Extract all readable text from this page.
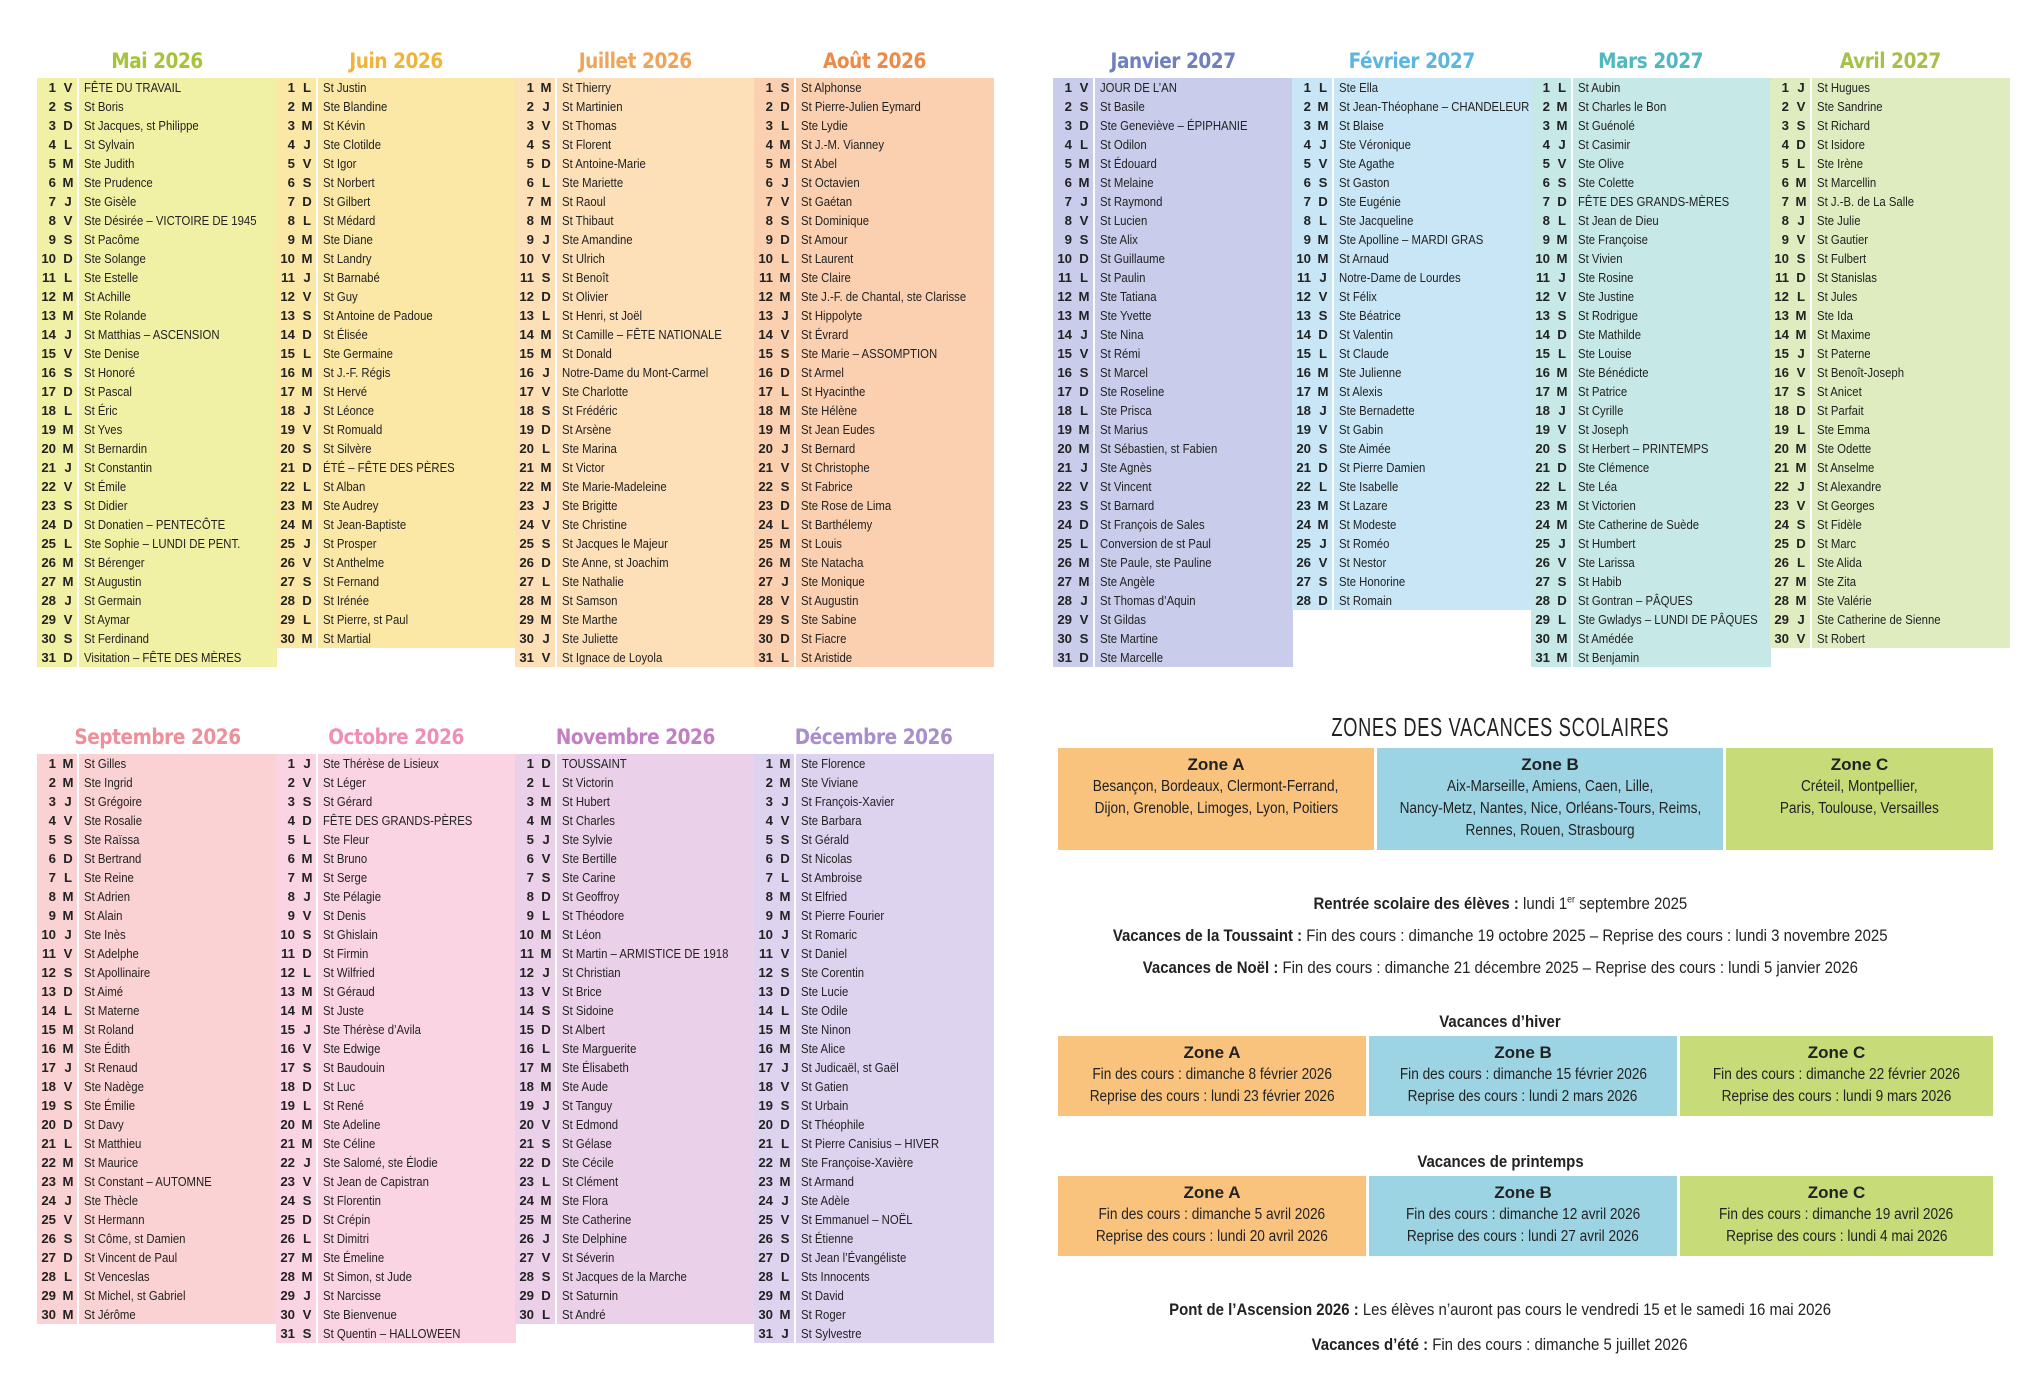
Mai 2026
1 V FÊTE DU TRAVAIL
2 S St Boris
3 D St Jacques, st Philippe
4 L St Sylvain
5 M Ste Judith
6 M Ste Prudence
7 J Ste Gisèle
8 V Ste Désirée – VICTOIRE DE 1945
9 S St Pacôme
10 D Ste Solange
11 L Ste Estelle
12 M St Achille
13 M Ste Rolande
14 J St Matthias – ASCENSION
15 V Ste Denise
16 S St Honoré
17 D St Pascal
18 L St Éric
19 M St Yves
20 M St Bernardin
21 J St Constantin
22 V St Émile
23 S St Didier
24 D St Donatien – PENTECÔTE
25 L Ste Sophie – LUNDI DE PENT.
26 M St Bérenger
27 M St Augustin
28 J St Germain
29 V St Aymar
30 S St Ferdinand
31 D Visitation – FÊTE DES MÈRES
Juin 2026
1 L St Justin
2 M Ste Blandine
3 M St Kévin
4 J Ste Clotilde
5 V St Igor
6 S St Norbert
7 D St Gilbert
8 L St Médard
9 M Ste Diane
10 M St Landry
11 J St Barnabé
12 V St Guy
13 S St Antoine de Padoue
14 D St Élisée
15 L Ste Germaine
16 M St J.-F. Régis
17 M St Hervé
18 J St Léonce
19 V St Romuald
20 S St Silvère
21 D ÉTÉ – FÊTE DES PÈRES
22 L St Alban
23 M Ste Audrey
24 M St Jean-Baptiste
25 J St Prosper
26 V St Anthelme
27 S St Fernand
28 D St Irénée
29 L St Pierre, st Paul
30 M St Martial
Juillet 2026
1 M St Thierry
2 J St Martinien
3 V St Thomas
4 S St Florent
5 D St Antoine-Marie
6 L Ste Mariette
7 M St Raoul
8 M St Thibaut
9 J Ste Amandine
10 V St Ulrich
11 S St Benoît
12 D St Olivier
13 L St Henri, st Joël
14 M St Camille – FÊTE NATIONALE
15 M St Donald
16 J Notre-Dame du Mont-Carmel
17 V Ste Charlotte
18 S St Frédéric
19 D St Arsène
20 L Ste Marina
21 M St Victor
22 M Ste Marie-Madeleine
23 J Ste Brigitte
24 V Ste Christine
25 S St Jacques le Majeur
26 D Ste Anne, st Joachim
27 L Ste Nathalie
28 M St Samson
29 M Ste Marthe
30 J Ste Juliette
31 V St Ignace de Loyola
Août 2026
1 S St Alphonse
2 D St Pierre-Julien Eymard
3 L Ste Lydie
4 M St J.-M. Vianney
5 M St Abel
6 J St Octavien
7 V St Gaétan
8 S St Dominique
9 D St Amour
10 L St Laurent
11 M Ste Claire
12 M Ste J.-F. de Chantal, ste Clarisse
13 J St Hippolyte
14 V St Évrard
15 S Ste Marie – ASSOMPTION
16 D St Armel
17 L St Hyacinthe
18 M Ste Hélène
19 M St Jean Eudes
20 J St Bernard
21 V St Christophe
22 S St Fabrice
23 D Ste Rose de Lima
24 L St Barthélemy
25 M St Louis
26 M Ste Natacha
27 J Ste Monique
28 V St Augustin
29 S Ste Sabine
30 D St Fiacre
31 L St Aristide
Janvier 2027
1 V JOUR DE L’AN
2 S St Basile
3 D Ste Geneviève – ÉPIPHANIE
4 L St Odilon
5 M St Édouard
6 M St Melaine
7 J St Raymond
8 V St Lucien
9 S Ste Alix
10 D St Guillaume
11 L St Paulin
12 M Ste Tatiana
13 M Ste Yvette
14 J Ste Nina
15 V St Rémi
16 S St Marcel
17 D Ste Roseline
18 L Ste Prisca
19 M St Marius
20 M St Sébastien, st Fabien
21 J Ste Agnès
22 V St Vincent
23 S St Barnard
24 D St François de Sales
25 L Conversion de st Paul
26 M Ste Paule, ste Pauline
27 M Ste Angèle
28 J St Thomas d’Aquin
29 V St Gildas
30 S Ste Martine
31 D Ste Marcelle
Février 2027
1 L Ste Ella
2 M St Jean-Théophane – CHANDELEUR
3 M St Blaise
4 J Ste Véronique
5 V Ste Agathe
6 S St Gaston
7 D Ste Eugénie
8 L Ste Jacqueline
9 M Ste Apolline – MARDI GRAS
10 M St Arnaud
11 J Notre-Dame de Lourdes
12 V St Félix
13 S Ste Béatrice
14 D St Valentin
15 L St Claude
16 M Ste Julienne
17 M St Alexis
18 J Ste Bernadette
19 V St Gabin
20 S Ste Aimée
21 D St Pierre Damien
22 L Ste Isabelle
23 M St Lazare
24 M St Modeste
25 J St Roméo
26 V St Nestor
27 S Ste Honorine
28 D St Romain
Mars 2027
1 L St Aubin
2 M St Charles le Bon
3 M St Guénolé
4 J St Casimir
5 V Ste Olive
6 S Ste Colette
7 D FÊTE DES GRANDS-MÈRES
8 L St Jean de Dieu
9 M Ste Françoise
10 M St Vivien
11 J Ste Rosine
12 V Ste Justine
13 S St Rodrigue
14 D Ste Mathilde
15 L Ste Louise
16 M Ste Bénédicte
17 M St Patrice
18 J St Cyrille
19 V St Joseph
20 S St Herbert – PRINTEMPS
21 D Ste Clémence
22 L Ste Léa
23 M St Victorien
24 M Ste Catherine de Suède
25 J St Humbert
26 V Ste Larissa
27 S St Habib
28 D St Gontran – PÂQUES
29 L Ste Gwladys – LUNDI DE PÂQUES
30 M St Amédée
31 M St Benjamin
Avril 2027
1 J St Hugues
2 V Ste Sandrine
3 S St Richard
4 D St Isidore
5 L Ste Irène
6 M St Marcellin
7 M St J.-B. de La Salle
8 J Ste Julie
9 V St Gautier
10 S St Fulbert
11 D St Stanislas
12 L St Jules
13 M Ste Ida
14 M St Maxime
15 J St Paterne
16 V St Benoît-Joseph
17 S St Anicet
18 D St Parfait
19 L Ste Emma
20 M Ste Odette
21 M St Anselme
22 J St Alexandre
23 V St Georges
24 S St Fidèle
25 D St Marc
26 L Ste Alida
27 M Ste Zita
28 M Ste Valérie
29 J Ste Catherine de Sienne
30 V St Robert
Septembre 2026
1 M St Gilles
2 M Ste Ingrid
3 J St Grégoire
4 V Ste Rosalie
5 S Ste Raïssa
6 D St Bertrand
7 L Ste Reine
8 M St Adrien
9 M St Alain
10 J Ste Inès
11 V St Adelphe
12 S St Apollinaire
13 D St Aimé
14 L St Materne
15 M St Roland
16 M Ste Édith
17 J St Renaud
18 V Ste Nadège
19 S Ste Émilie
20 D St Davy
21 L St Matthieu
22 M St Maurice
23 M St Constant – AUTOMNE
24 J Ste Thècle
25 V St Hermann
26 S St Côme, st Damien
27 D St Vincent de Paul
28 L St Venceslas
29 M St Michel, st Gabriel
30 M St Jérôme
Octobre 2026
1 J Ste Thérèse de Lisieux
2 V St Léger
3 S St Gérard
4 D FÊTE DES GRANDS-PÈRES
5 L Ste Fleur
6 M St Bruno
7 M St Serge
8 J Ste Pélagie
9 V St Denis
10 S St Ghislain
11 D St Firmin
12 L St Wilfried
13 M St Géraud
14 M St Juste
15 J Ste Thérèse d’Avila
16 V Ste Edwige
17 S St Baudouin
18 D St Luc
19 L St René
20 M Ste Adeline
21 M Ste Céline
22 J Ste Salomé, ste Élodie
23 V St Jean de Capistran
24 S St Florentin
25 D St Crépin
26 L St Dimitri
27 M Ste Émeline
28 M St Simon, st Jude
29 J St Narcisse
30 V Ste Bienvenue
31 S St Quentin – HALLOWEEN
Novembre 2026
1 D TOUSSAINT
2 L St Victorin
3 M St Hubert
4 M St Charles
5 J Ste Sylvie
6 V Ste Bertille
7 S Ste Carine
8 D St Geoffroy
9 L St Théodore
10 M St Léon
11 M St Martin – ARMISTICE DE 1918
12 J St Christian
13 V St Brice
14 S St Sidoine
15 D St Albert
16 L Ste Marguerite
17 M Ste Élisabeth
18 M Ste Aude
19 J St Tanguy
20 V St Edmond
21 S St Gélase
22 D Ste Cécile
23 L St Clément
24 M Ste Flora
25 M Ste Catherine
26 J Ste Delphine
27 V St Séverin
28 S St Jacques de la Marche
29 D St Saturnin
30 L St André
Décembre 2026
1 M Ste Florence
2 M Ste Viviane
3 J St François-Xavier
4 V Ste Barbara
5 S St Gérald
6 D St Nicolas
7 L St Ambroise
8 M St Elfried
9 M St Pierre Fourier
10 J St Romaric
11 V St Daniel
12 S Ste Corentin
13 D Ste Lucie
14 L Ste Odile
15 M Ste Ninon
16 M Ste Alice
17 J St Judicaël, st Gaël
18 V St Gatien
19 S St Urbain
20 D St Théophile
21 L St Pierre Canisius – HIVER
22 M Ste Françoise-Xavière
23 M St Armand
24 J Ste Adèle
25 V St Emmanuel – NOËL
26 S St Étienne
27 D St Jean l’Évangéliste
28 L Sts Innocents
29 M St David
30 M St Roger
31 J St Sylvestre
ZONES DES VACANCES SCOLAIRES
Zone A
Besançon, Bordeaux, Clermont-Ferrand,
Dijon, Grenoble, Limoges, Lyon, Poitiers
Zone B
Aix-Marseille, Amiens, Caen, Lille,
Nancy-Metz, Nantes, Nice, Orléans-Tours, Reims,
Rennes, Rouen, Strasbourg
Zone C
Créteil, Montpellier,
Paris, Toulouse, Versailles
Rentrée scolaire des élèves : lundi 1er septembre 2025
Vacances de la Toussaint : Fin des cours : dimanche 19 octobre 2025 – Reprise des cours : lundi 3 novembre 2025
Vacances de Noël : Fin des cours : dimanche 21 décembre 2025 – Reprise des cours : lundi 5 janvier 2026
Vacances d’hiver
Zone A
Fin des cours : dimanche 8 février 2026
Reprise des cours : lundi 23 février 2026
Zone B
Fin des cours : dimanche 15 février 2026
Reprise des cours : lundi 2 mars 2026
Zone C
Fin des cours : dimanche 22 février 2026
Reprise des cours : lundi 9 mars 2026
Vacances de printemps
Zone A
Fin des cours : dimanche 5 avril 2026
Reprise des cours : lundi 20 avril 2026
Zone B
Fin des cours : dimanche 12 avril 2026
Reprise des cours : lundi 27 avril 2026
Zone C
Fin des cours : dimanche 19 avril 2026
Reprise des cours : lundi 4 mai 2026
Pont de l’Ascension 2026 : Les élèves n’auront pas cours le vendredi 15 et le samedi 16 mai 2026
Vacances d’été : Fin des cours : dimanche 5 juillet 2026
